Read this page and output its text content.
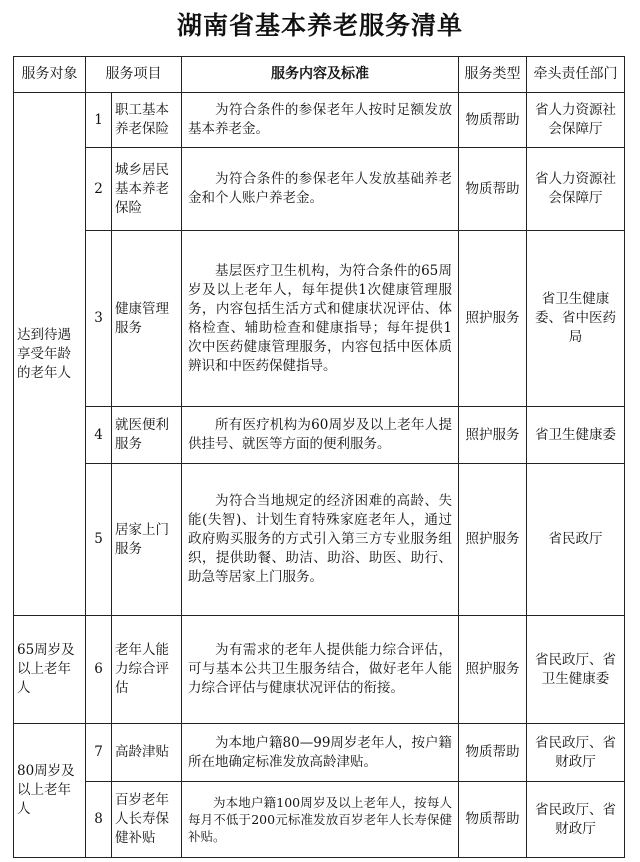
湖南省基本养老服务清单
服务对象	服务项目		服务内容及标准	服务类型	牵头责任部门
达到待遇享受年龄的老年人	1	职工基本养老保险	为符合条件的参保老年人按时足额发放基本养老金。	物质帮助	省人力资源社会保障厅
	2	城乡居民基本养老保险	为符合条件的参保老年人发放基础养老金和个人账户养老金。	物质帮助	省人力资源社会保障厅
	3	健康管理服务	基层医疗卫生机构，为符合条件的65周岁及以上老年人，每年提供1次健康管理服务，内容包括生活方式和健康状况评估、体格检查、辅助检查和健康指导；每年提供1次中医药健康管理服务，内容包括中医体质辨识和中医药保健指导。	照护服务	省卫生健康委、省中医药局
	4	就医便利服务	所有医疗机构为60周岁及以上老年人提供挂号、就医等方面的便利服务。	照护服务	省卫生健康委
	5	居家上门服务	为符合当地规定的经济困难的高龄、失能(失智)、计划生育特殊家庭老年人，通过政府购买服务的方式引入第三方专业服务组织，提供助餐、助洁、助浴、助医、助行、助急等居家上门服务。	照护服务	省民政厅
65周岁及以上老年人	6	老年人能力综合评估	为有需求的老年人提供能力综合评估，可与基本公共卫生服务结合，做好老年人能力综合评估与健康状况评估的衔接。	照护服务	省民政厅、省卫生健康委
80周岁及以上老年人	7	高龄津贴	为本地户籍80—99周岁老年人，按户籍所在地确定标准发放高龄津贴。	物质帮助	省民政厅、省财政厅
	8	百岁老年人长寿保健补贴	为本地户籍100周岁及以上老年人，按每人每月不低于200元标准发放百岁老年人长寿保健补贴。	物质帮助	省民政厅、省财政厅
